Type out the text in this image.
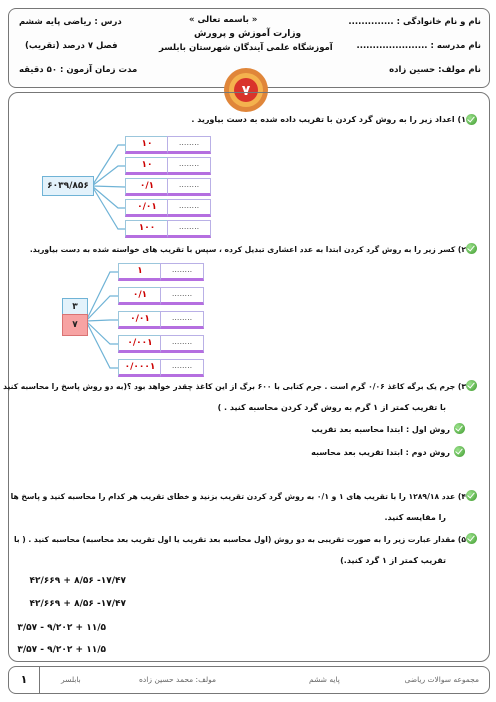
نام و نام خانوادگی : ..............
نام مدرسه : ......................
نام مولف: حسین زاده
« باسمه تعالی »
وزارت آموزش و پرورش
آموزشگاه علمی آیندگان شهرستان بابلسر
درس : ریاضی پایه ششم
فصل ۷ درصد (تقریب)
مدت زمان آزمون : ۵۰ دقیقه
۷
۱) اعداد زیر را به روش گرد کردن با تقریب داده شده به دست بیاورید .
۶۰۳۹/۸۵۶
۱۰	........
۱۰	........
۰/۱	........
۰/۰۱	........
۱۰۰	........
۲) کسر زیر را به روش گرد کردن ابتدا به عدد اعشاری تبدیل کرده ، سپس با تقریب های خواسته شده به دست بیاورید.
۳
۷
۱	........
۰/۱	........
۰/۰۱	........
۰/۰۰۱	........
۰/۰۰۰۱	........
۳) جرم یک برگه کاغذ ۰/۰۶ گرم است . جرم کتابی با ۶۰۰ برگ از این کاغذ چقدر خواهد بود ؟(به دو روش پاسخ را محاسبه کنید
با تقریب کمتر از ۱ گرم به روش گرد کردن محاسبه کنید . )
روش اول : ابتدا محاسبه بعد تقریب
روش دوم : ابتدا تقریب بعد محاسبه
۴) عدد ۱۲۸۹/۱۸ را با تقریب های ۱ و ۰/۱ به روش گرد کردن تقریب بزنید و خطای تقریب هر کدام را محاسبه کنید و پاسخ ها
را مقایسه کنید.
۵) مقدار عبارت زیر را به صورت تقریبی به دو روش (اول محاسبه بعد تقریب یا اول تقریب بعد محاسبه) محاسبه کنید . ( با
تقریب کمتر از ۱ گرد کنید.)
۱۷/۴۷- ۸/۵۶ + ۴۲/۶۶۹
۱۷/۴۷- ۸/۵۶ + ۴۲/۶۶۹
۱۱/۵ + ۹/۲۰۲ - ۳/۵۷
۱۱/۵ + ۹/۲۰۲ - ۳/۵۷
۱	مولف: محمد حسین زاده
بابلسر	پایه ششم	مجموعه سوالات ریاضی
